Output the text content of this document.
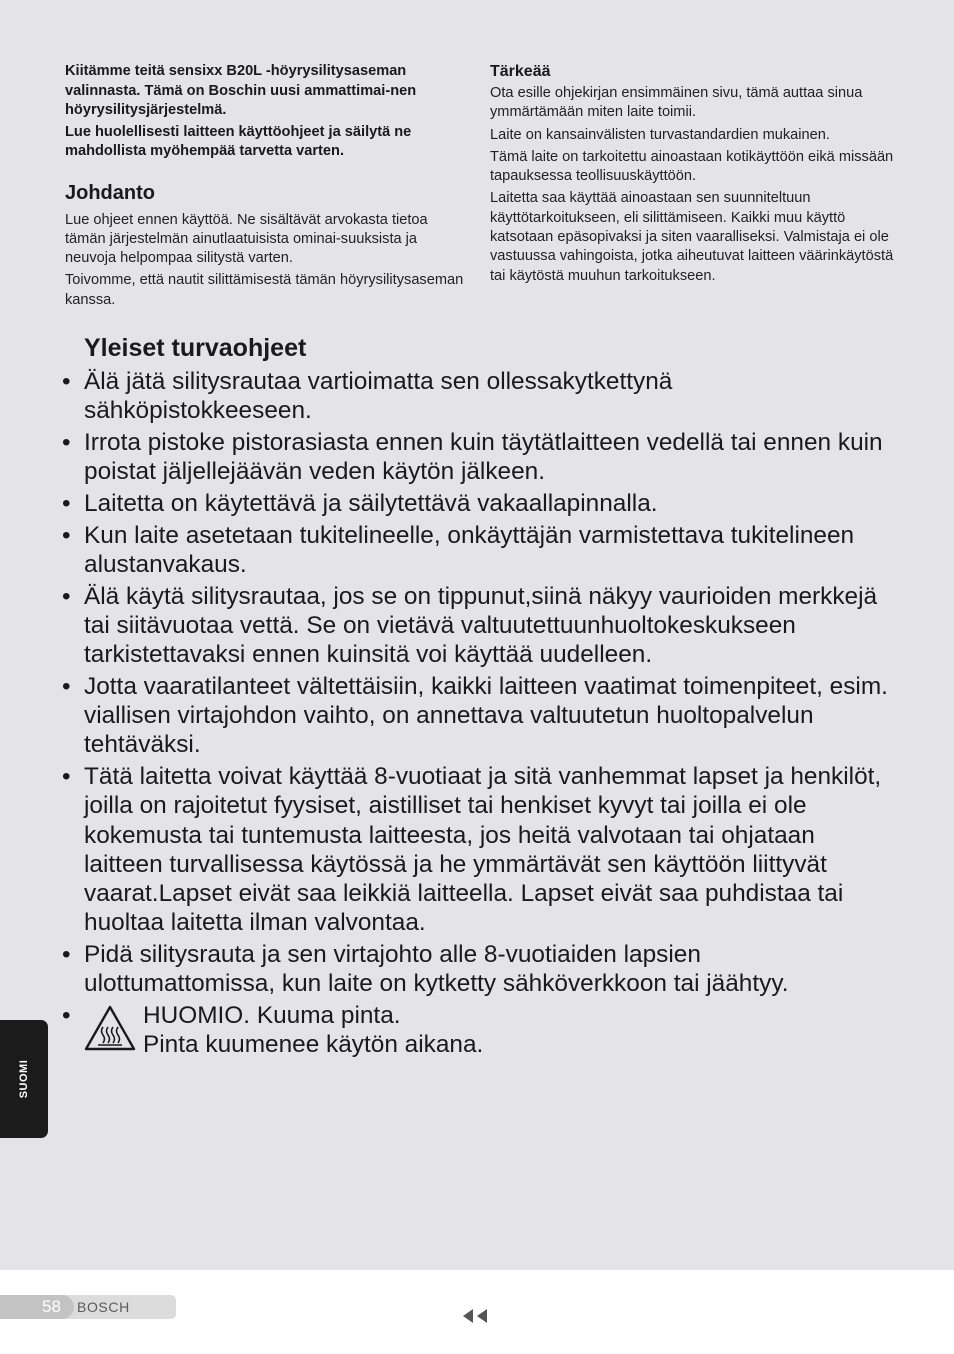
Kiitämme teitä sensixx B20L -höyrysilitysaseman valinnasta. Tämä on Boschin uusi ammattimai-nen höyrysilitysjärjestelmä.

Lue huolellisesti laitteen käyttöohjeet ja säilytä ne mahdollista myöhempää tarvetta varten.

Johdanto

Lue ohjeet ennen käyttöä. Ne sisältävät arvokasta tietoa tämän järjestelmän ainutlaatuisista ominai-suuksista ja neuvoja helpompaa silitystä varten.

Toivomme, että nautit silittämisestä tämän höyrysilitysaseman kanssa.

Tärkeää

Ota esille ohjekirjan ensimmäinen sivu, tämä auttaa sinua ymmärtämään miten laite toimii.

Laite on kansainvälisten turvastandardien mukainen.

Tämä laite on tarkoitettu ainoastaan kotikäyttöön eikä missään tapauksessa teollisuuskäyttöön.

Laitetta saa käyttää ainoastaan sen suunniteltuun käyttötarkoitukseen, eli silittämiseen. Kaikki muu käyttö katsotaan epäsopivaksi ja siten vaaralliseksi. Valmistaja ei ole vastuussa vahingoista, jotka aiheutuvat laitteen väärinkäytöstä tai käytöstä muuhun tarkoitukseen.

Yleiset turvaohjeet
• Älä jätä silitysrautaa vartioimatta sen ollessakytkettynä sähköpistokkeeseen.
• Irrota pistoke pistorasiasta ennen kuin täytätlaitteen vedellä tai ennen kuin poistat jäljellejäävän veden käytön jälkeen.
• Laitetta on käytettävä ja säilytettävä vakaallapinnalla.
• Kun laite asetetaan tukitelineelle, onkäyttäjän varmistettava tukitelineen alustanvakaus.
• Älä käytä silitysrautaa, jos se on tippunut,siinä näkyy vaurioiden merkkejä tai siitävuotaa vettä. Se on vietävä valtuutettuunhuoltokeskukseen tarkistettavaksi ennen kuinsitä voi käyttää uudelleen.
• Jotta vaaratilanteet vältettäisiin, kaikki laitteen vaatimat toimenpiteet, esim. viallisen virtajohdon vaihto, on annettava valtuutetun huoltopalvelun tehtäväksi.
• Tätä laitetta voivat käyttää 8-vuotiaat ja sitä vanhemmat lapset ja henkilöt, joilla on rajoitetut fyysiset, aistilliset tai henkiset kyvyt tai joilla ei ole kokemusta tai tuntemusta laitteesta, jos heitä valvotaan tai ohjataan laitteen turvallisessa käytössä ja he ymmärtävät sen käyttöön liittyvät vaarat.Lapset eivät saa leikkiä laitteella. Lapset eivät saa puhdistaa tai huoltaa laitetta ilman valvontaa.
• Pidä silitysrauta ja sen virtajohto alle 8-vuotiaiden lapsien ulottumattomissa, kun laite on kytketty sähköverkkoon tai jäähtyy.
•	HUOMIO. Kuuma pinta.
Pinta kuumenee käytön aikana.
SUOMI
58 BOSCH
